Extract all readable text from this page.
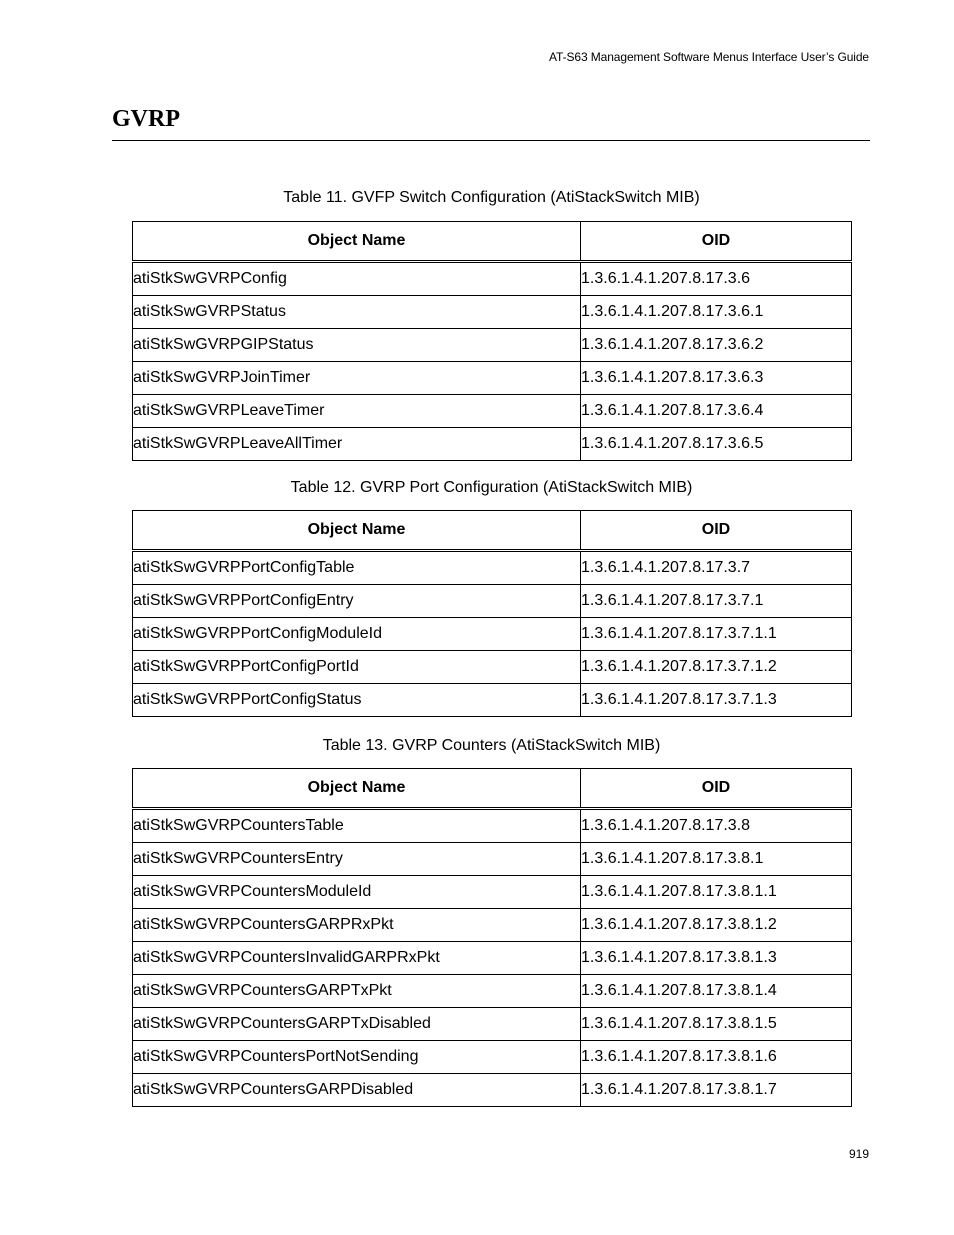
AT-S63 Management Software Menus Interface User’s Guide
GVRP
Table 11. GVFP Switch Configuration (AtiStackSwitch MIB)
Object Name	OID
atiStkSwGVRPConfig	1.3.6.1.4.1.207.8.17.3.6
atiStkSwGVRPStatus	1.3.6.1.4.1.207.8.17.3.6.1
atiStkSwGVRPGIPStatus	1.3.6.1.4.1.207.8.17.3.6.2
atiStkSwGVRPJoinTimer	1.3.6.1.4.1.207.8.17.3.6.3
atiStkSwGVRPLeaveTimer	1.3.6.1.4.1.207.8.17.3.6.4
atiStkSwGVRPLeaveAllTimer	1.3.6.1.4.1.207.8.17.3.6.5
Table 12. GVRP Port Configuration (AtiStackSwitch MIB)
Object Name	OID
atiStkSwGVRPPortConfigTable	1.3.6.1.4.1.207.8.17.3.7
atiStkSwGVRPPortConfigEntry	1.3.6.1.4.1.207.8.17.3.7.1
atiStkSwGVRPPortConfigModuleId	1.3.6.1.4.1.207.8.17.3.7.1.1
atiStkSwGVRPPortConfigPortId	1.3.6.1.4.1.207.8.17.3.7.1.2
atiStkSwGVRPPortConfigStatus	1.3.6.1.4.1.207.8.17.3.7.1.3
Table 13. GVRP Counters (AtiStackSwitch MIB)
Object Name	OID
atiStkSwGVRPCountersTable	1.3.6.1.4.1.207.8.17.3.8
atiStkSwGVRPCountersEntry	1.3.6.1.4.1.207.8.17.3.8.1
atiStkSwGVRPCountersModuleId	1.3.6.1.4.1.207.8.17.3.8.1.1
atiStkSwGVRPCountersGARPRxPkt	1.3.6.1.4.1.207.8.17.3.8.1.2
atiStkSwGVRPCountersInvalidGARPRxPkt	1.3.6.1.4.1.207.8.17.3.8.1.3
atiStkSwGVRPCountersGARPTxPkt	1.3.6.1.4.1.207.8.17.3.8.1.4
atiStkSwGVRPCountersGARPTxDisabled	1.3.6.1.4.1.207.8.17.3.8.1.5
atiStkSwGVRPCountersPortNotSending	1.3.6.1.4.1.207.8.17.3.8.1.6
atiStkSwGVRPCountersGARPDisabled	1.3.6.1.4.1.207.8.17.3.8.1.7
919
